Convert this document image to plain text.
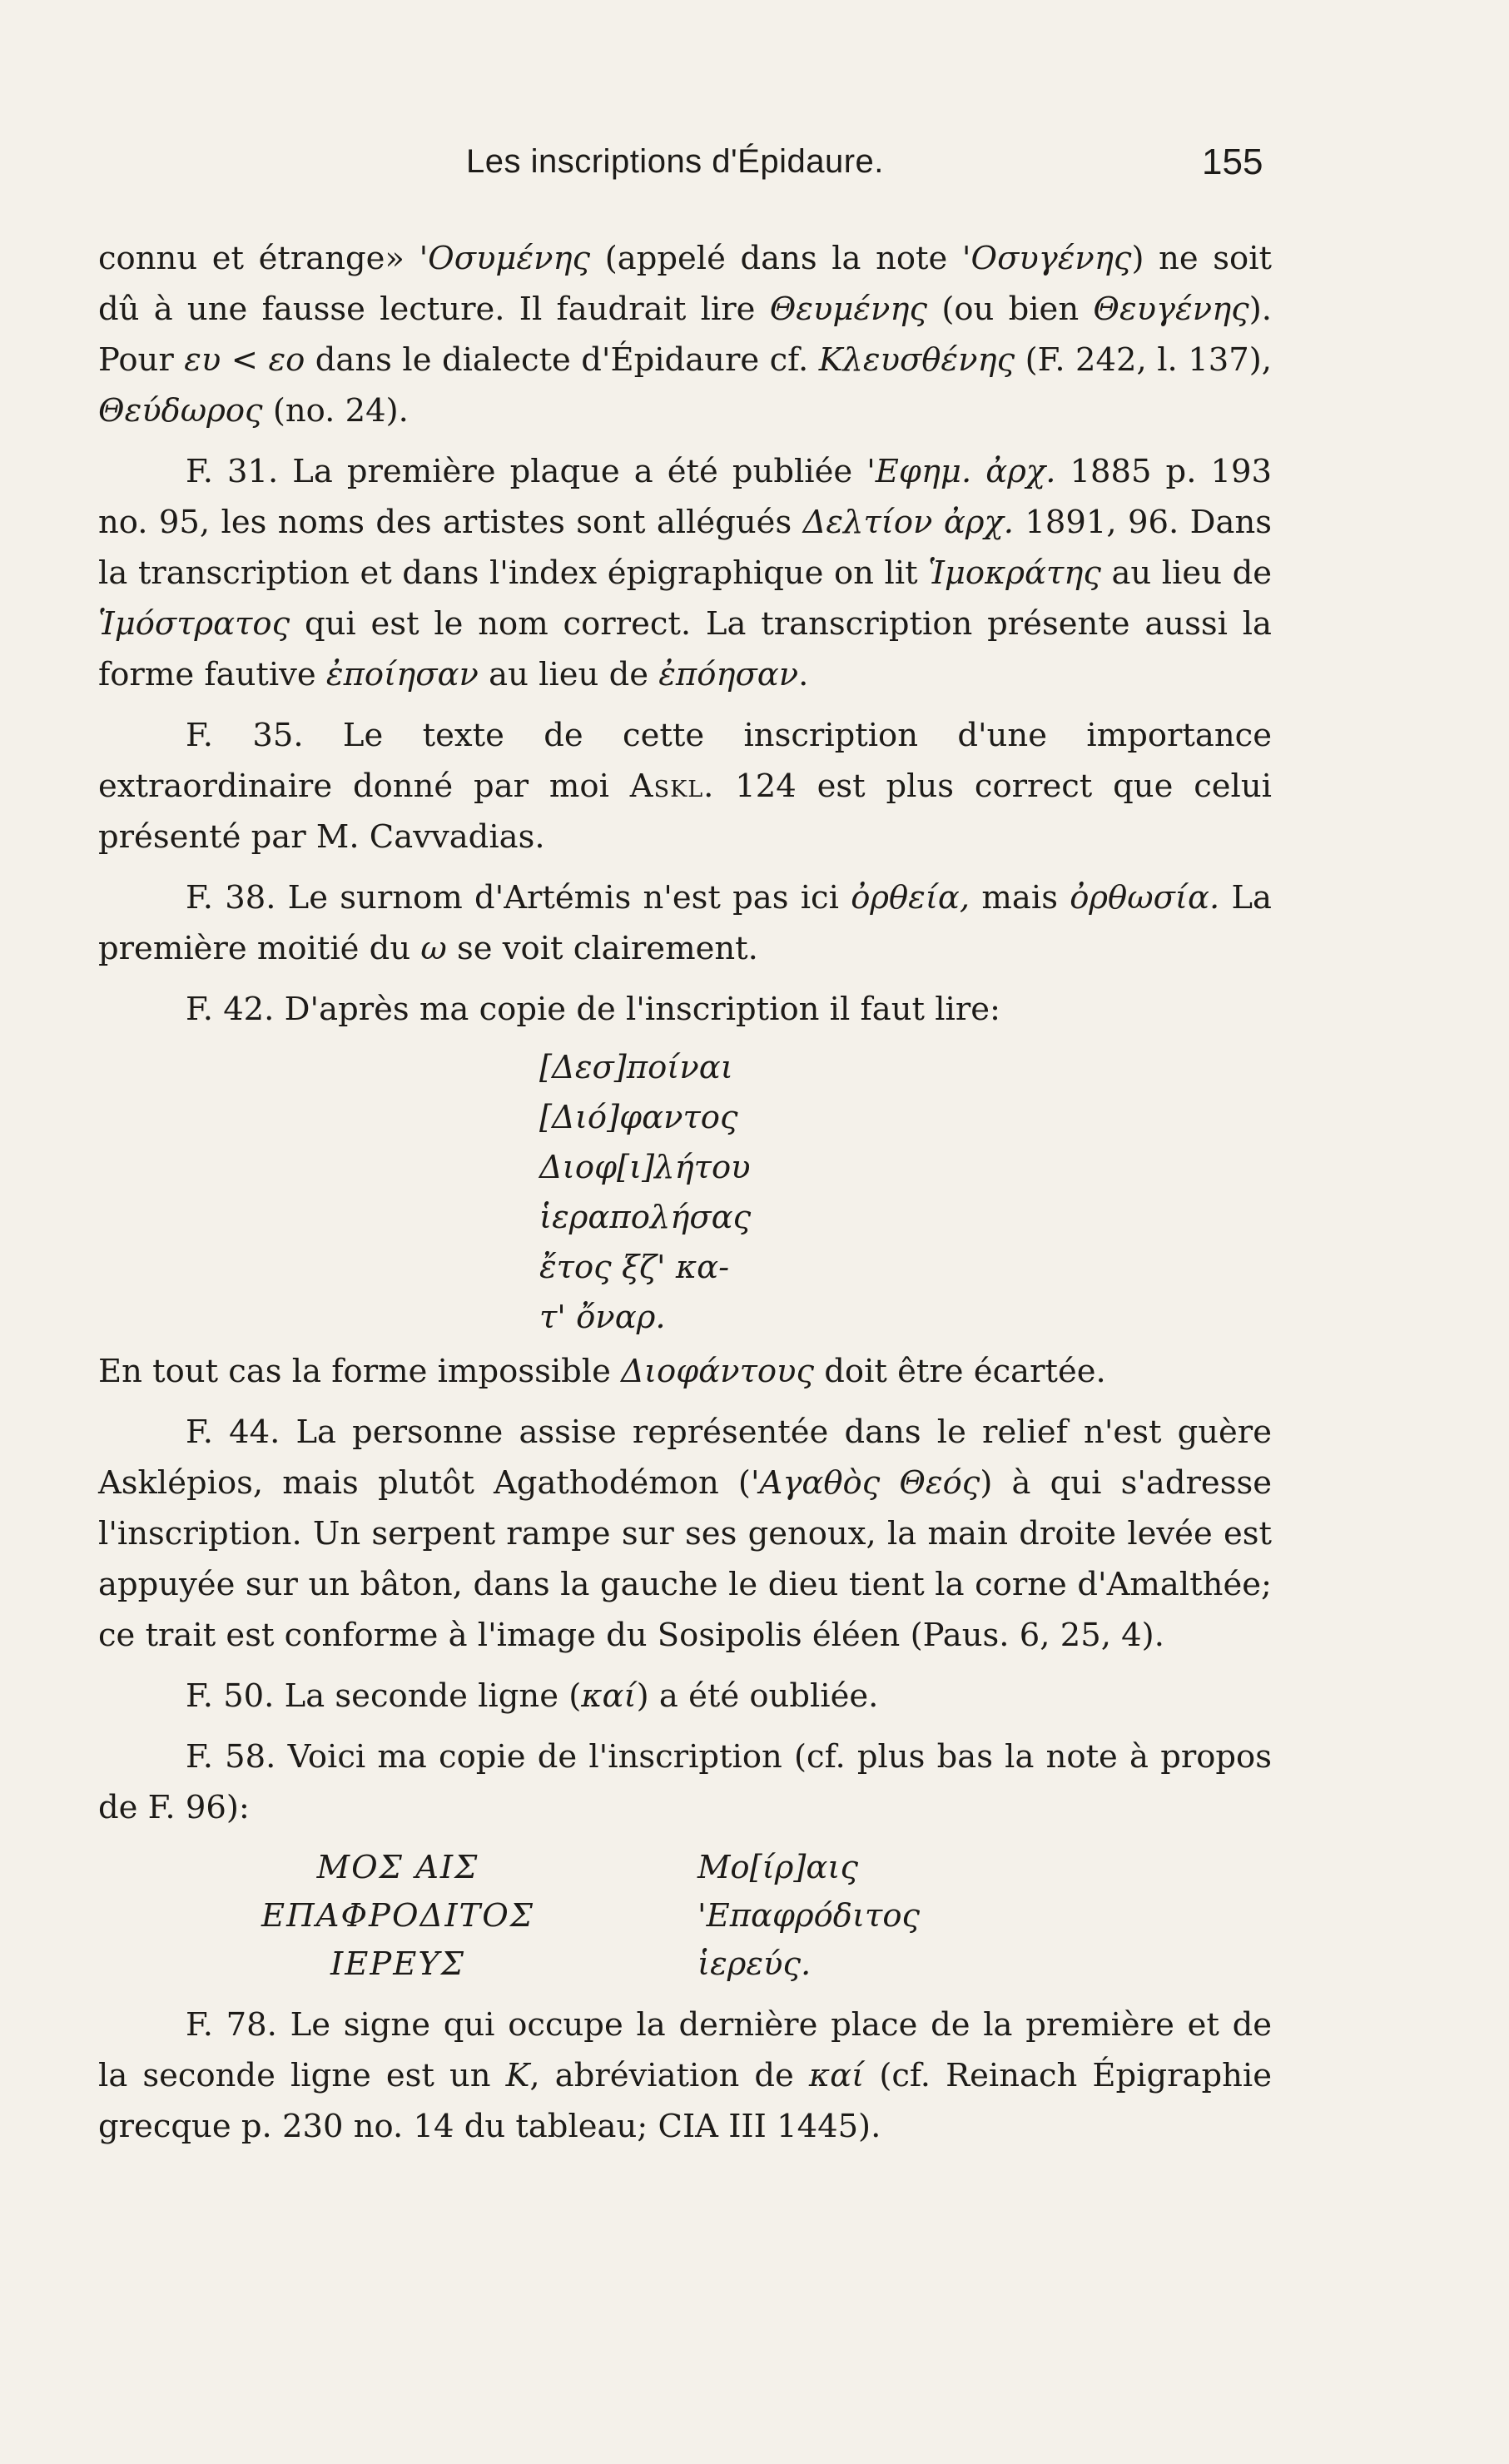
Les inscriptions d'Épidaure.	155

connu et étrange» 'Οσυμένης (appelé dans la note 'Οσυγένης) ne soit dû à une fausse lecture. Il faudrait lire Θευμένης (ou bien Θευγένης). Pour ευ < εο dans le dialecte d'Épidaure cf. Κλευσθένης (F. 242, l. 137), Θεύδωρος (no. 24).

F. 31. La première plaque a été publiée 'Εφημ. ἀρχ. 1885 p. 193 no. 95, les noms des artistes sont allégués Δελτίον ἀρχ. 1891, 96. Dans la transcription et dans l'index épigraphique on lit Ἱμοκράτης au lieu de Ἱμόστρατος qui est le nom correct. La transcription présente aussi la forme fautive ἐποίησαν au lieu de ἐπόησαν.

F. 35. Le texte de cette inscription d'une importance extraordinaire donné par moi Askl. 124 est plus correct que celui présenté par M. Cavvadias.

F. 38. Le surnom d'Artémis n'est pas ici ὀρθεία, mais ὀρθωσία. La première moitié du ω se voit clairement.

F. 42. D'après ma copie de l'inscription il faut lire:

[Δεσ]ποίναι
[Διό]φαντος
Διοφ[ι]λήτου
ἱεραπολήσας
ἔτος ξζ' κα-
τ' ὄναρ.

En tout cas la forme impossible Διοφάντους doit être écartée.

F. 44. La personne assise représentée dans le relief n'est guère Asklépios, mais plutôt Agathodémon ('Αγαθὸς Θεός) à qui s'adresse l'inscription. Un serpent rampe sur ses genoux, la main droite levée est appuyée sur un bâton, dans la gauche le dieu tient la corne d'Amalthée; ce trait est conforme à l'image du Sosipolis éléen (Paus. 6, 25, 4).

F. 50. La seconde ligne (καί) a été oubliée.

F. 58. Voici ma copie de l'inscription (cf. plus bas la note à propos de F. 96):

MOΣ AIΣ	Μο[ίρ]αις
EΠAΦPOΔITOΣ	'Επαφρόδιτος
IEPEYΣ	ἱερεύς.

F. 78. Le signe qui occupe la dernière place de la première et de la seconde ligne est un K, abréviation de καί (cf. Reinach Épigraphie grecque p. 230 no. 14 du tableau; CIA III 1445).
